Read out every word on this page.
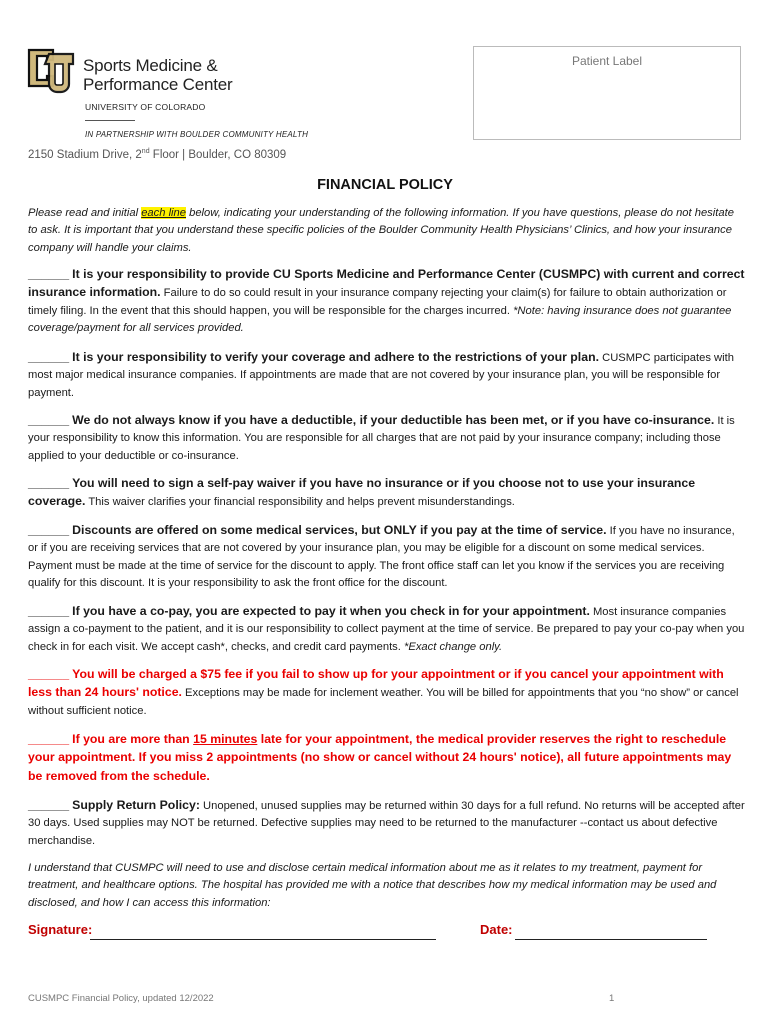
Sports Medicine &
Performance Center
UNIVERSITY OF COLORADO
IN PARTNERSHIP WITH BOULDER COMMUNITY HEALTH
2150 Stadium Drive, 2nd Floor | Boulder, CO 80309
Patient Label
FINANCIAL POLICY
Please read and initial each line below, indicating your understanding of the following information. If you have questions, please do not hesitate to ask. It is important that you understand these specific policies of the Boulder Community Health Physicians’ Clinics, and how your insurance company will handle your claims.
______ It is your responsibility to provide CU Sports Medicine and Performance Center (CUSMPC) with current and correct insurance information. Failure to do so could result in your insurance company rejecting your claim(s) for failure to obtain authorization or timely filing. In the event that this should happen, you will be responsible for the charges incurred. *Note: having insurance does not guarantee coverage/payment for all services provided.
______ It is your responsibility to verify your coverage and adhere to the restrictions of your plan. CUSMPC participates with most major medical insurance companies. If appointments are made that are not covered by your insurance plan, you will be responsible for payment.
______ We do not always know if you have a deductible, if your deductible has been met, or if you have co-insurance. It is your responsibility to know this information. You are responsible for all charges that are not paid by your insurance company; including those applied to your deductible or co-insurance.
______ You will need to sign a self-pay waiver if you have no insurance or if you choose not to use your insurance coverage. This waiver clarifies your financial responsibility and helps prevent misunderstandings.
______ Discounts are offered on some medical services, but ONLY if you pay at the time of service. If you have no insurance, or if you are receiving services that are not covered by your insurance plan, you may be eligible for a discount on some medical services. Payment must be made at the time of service for the discount to apply. The front office staff can let you know if the services you are receiving qualify for this discount. It is your responsibility to ask the front office for the discount.
______ If you have a co-pay, you are expected to pay it when you check in for your appointment. Most insurance companies assign a co-payment to the patient, and it is our responsibility to collect payment at the time of service. Be prepared to pay your co-pay when you check in for each visit. We accept cash*, checks, and credit card payments. *Exact change only.
______ You will be charged a $75 fee if you fail to show up for your appointment or if you cancel your appointment with less than 24 hours' notice. Exceptions may be made for inclement weather. You will be billed for appointments that you “no show” or cancel without sufficient notice.
______ If you are more than 15 minutes late for your appointment, the medical provider reserves the right to reschedule your appointment. If you miss 2 appointments (no show or cancel without 24 hours' notice), all future appointments may be removed from the schedule.
______ Supply Return Policy: Unopened, unused supplies may be returned within 30 days for a full refund. No returns will be accepted after 30 days. Used supplies may NOT be returned. Defective supplies may need to be returned to the manufacturer --contact us about defective merchandise.
I understand that CUSMPC will need to use and disclose certain medical information about me as it relates to my treatment, payment for treatment, and healthcare options. The hospital has provided me with a notice that describes how my medical information may be used and disclosed, and how I can access this information:
Signature:	Date:
CUSMPC Financial Policy, updated 12/2022	1
